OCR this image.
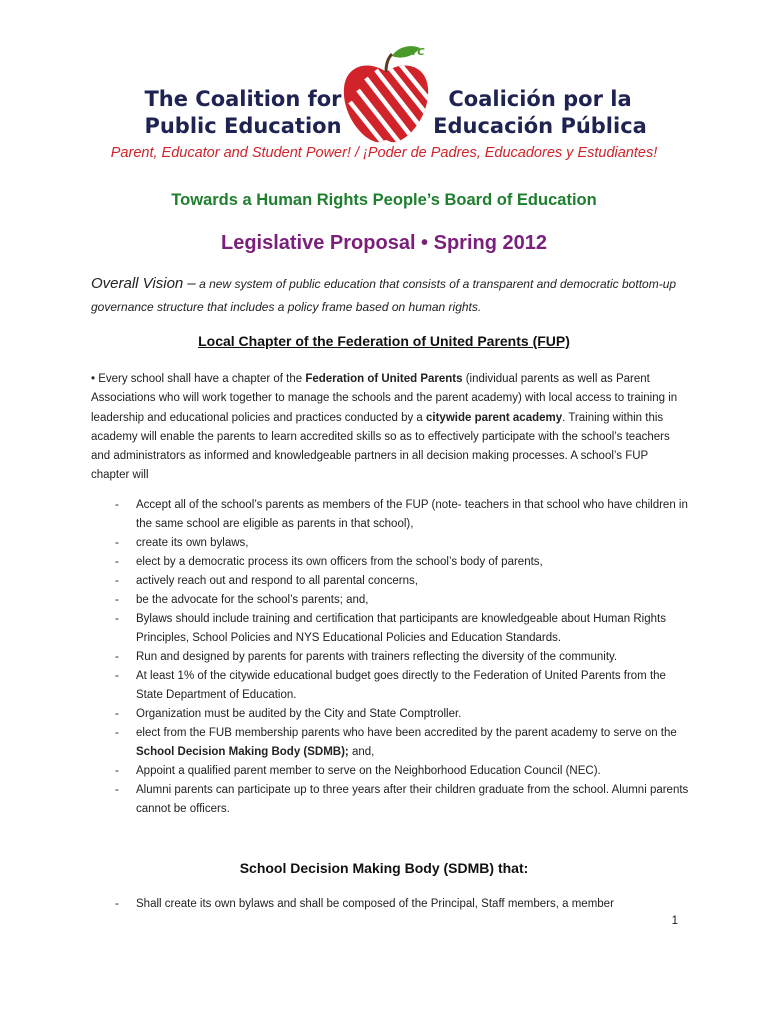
The Coalition for
Public Education
NYC
Coalición por la
Educación Pública
Parent, Educator and Student Power! / ¡Poder de Padres, Educadores y Estudiantes!
Towards a Human Rights People’s Board of Education
Legislative Proposal • Spring 2012
Overall Vision – a new system of public education that consists of a transparent and democratic bottom-up governance structure that includes a policy frame based on human rights.
Local Chapter of the Federation of United Parents (FUP)
• Every school shall have a chapter of the Federation of United Parents (individual parents as well as Parent Associations who will work together to manage the schools and the parent academy) with local access to training in leadership and educational policies and practices conducted by a citywide parent academy. Training within this academy will enable the parents to learn accredited skills so as to effectively participate with the school’s teachers and administrators as informed and knowledgeable partners in all decision making processes. A school’s FUP chapter will
- Accept all of the school’s parents as members of the FUP (note- teachers in that school who have children in the same school are eligible as parents in that school),
- create its own bylaws,
- elect by a democratic process its own officers from the school’s body of parents,
- actively reach out and respond to all parental concerns,
- be the advocate for the school’s parents; and,
- Bylaws should include training and certification that participants are knowledgeable about Human Rights Principles, School Policies and NYS Educational Policies and Education Standards.
- Run and designed by parents for parents with trainers reflecting the diversity of the community.
- At least 1% of the citywide educational budget goes directly to the Federation of United Parents from the State Department of Education.
- Organization must be audited by the City and State Comptroller.
- elect from the FUB membership parents who have been accredited by the parent academy to serve on the School Decision Making Body (SDMB); and,
- Appoint a qualified parent member to serve on the Neighborhood Education Council (NEC).
- Alumni parents can participate up to three years after their children graduate from the school. Alumni parents cannot be officers.
School Decision Making Body (SDMB) that:
- Shall create its own bylaws and shall be composed of the Principal, Staff members, a member
1
